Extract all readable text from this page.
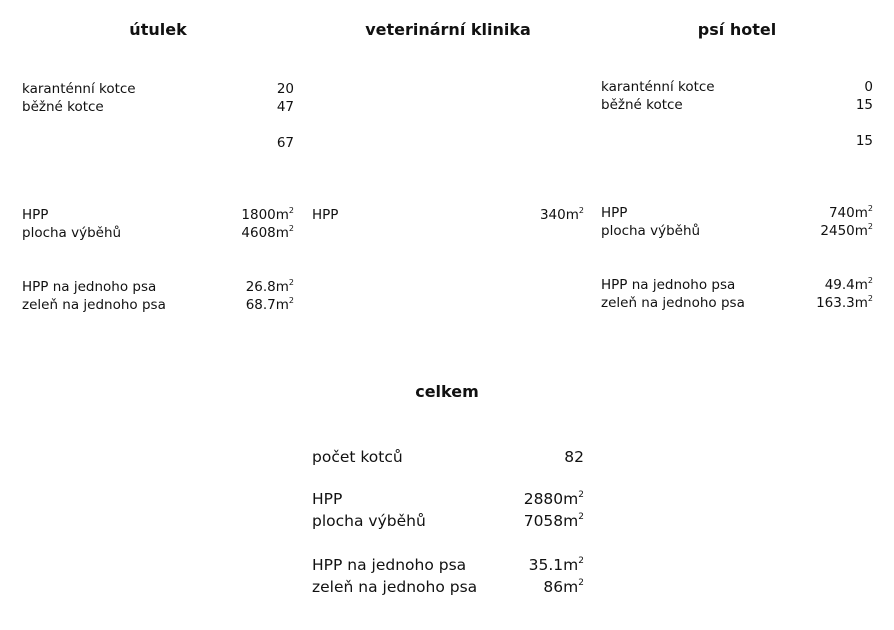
útulek
karanténní kotce	20
běžné kotce	47
67
HPP	$1800m^2$
plocha výběhů	$4608m^2$
HPP na jednoho psa	$26.8m^2$
zeleň na jednoho psa	$68.7m^2$
veterinární klinika
HPP	$340m^2$
psí hotel
karanténní kotce	0
běžné kotce	15
15
HPP	$740m^2$
plocha výběhů	$2450m^2$
HPP na jednoho psa	$49.4m^2$
zeleň na jednoho psa	$163.3m^2$
celkem
počet kotců	82
HPP	$2880m^2$
plocha výběhů	$7058m^2$
HPP na jednoho psa	$35.1m^2$
zeleň na jednoho psa	$86m^2$
